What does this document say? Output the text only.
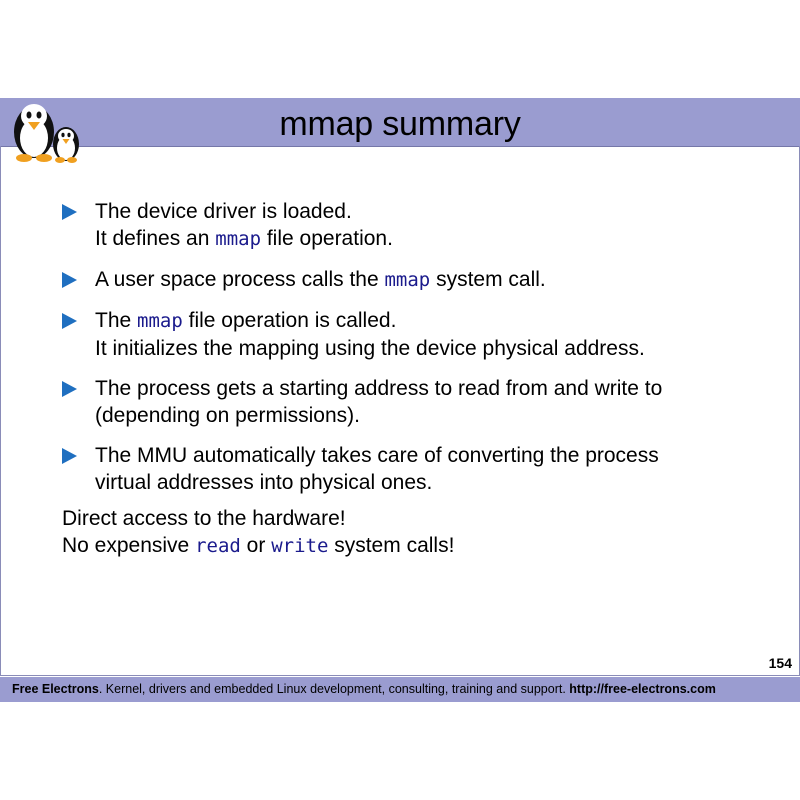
mmap summary
The device driver is loaded.
It defines an mmap file operation.
A user space process calls the mmap system call.
The mmap file operation is called.
It initializes the mapping using the device physical address.
The process gets a starting address to read from and write to
(depending on permissions).
The MMU automatically takes care of converting the process
virtual addresses into physical ones.
Direct access to the hardware!
No expensive read or write system calls!
154
Free Electrons. Kernel, drivers and embedded Linux development, consulting, training and support. http://free-electrons.com
